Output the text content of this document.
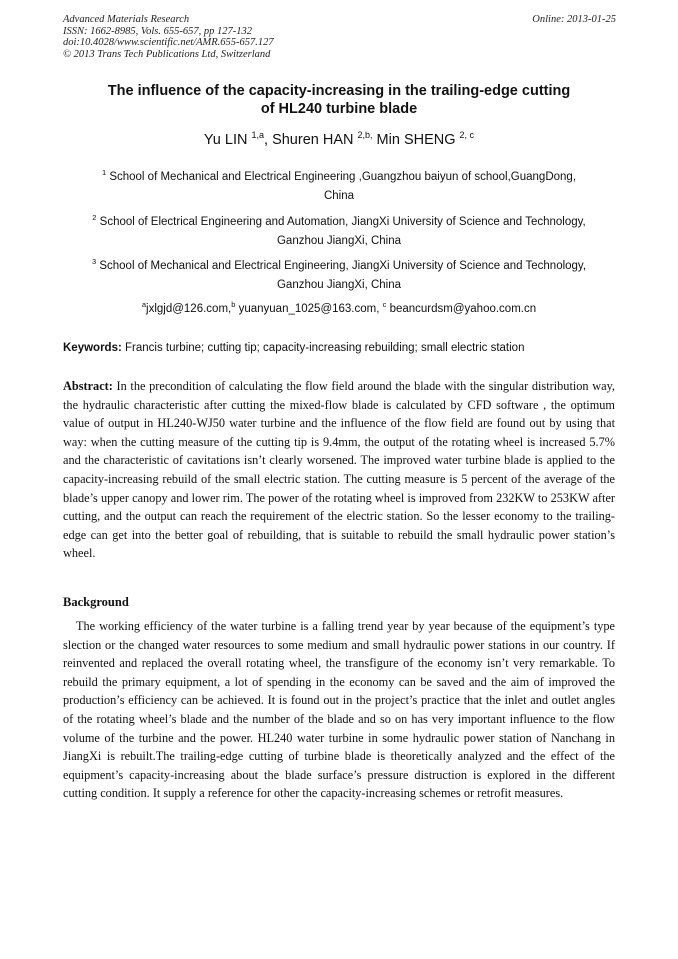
Advanced Materials Research
ISSN: 1662-8985, Vols. 655-657, pp 127-132
doi:10.4028/www.scientific.net/AMR.655-657.127
© 2013 Trans Tech Publications Ltd, Switzerland
Online: 2013-01-25
The influence of the capacity-increasing in the trailing-edge cutting
of HL240 turbine blade
Yu LIN $^{1,a}$, Shuren HAN $^{2,b,}$ Min SHENG $^{2, c}$
$^1$ School of Mechanical and Electrical Engineering ,Guangzhou baiyun of school,GuangDong,
China
$^2$ School of Electrical Engineering and Automation, JiangXi University of Science and Technology,
Ganzhou JiangXi, China
$^3$ School of Mechanical and Electrical Engineering, JiangXi University of Science and Technology,
Ganzhou JiangXi, China
$^a$jxlgjd@126.com,$^b$ yuanyuan_1025@163.com, $^c$ beancurdsm@yahoo.com.cn
Keywords: Francis turbine; cutting tip; capacity-increasing rebuilding; small electric station
Abstract: In the precondition of calculating the flow field around the blade with the singular distribution way, the hydraulic characteristic after cutting the mixed-flow blade is calculated by CFD software , the optimum value of output in HL240-WJ50 water turbine and the influence of the flow field are found out by using that way: when the cutting measure of the cutting tip is 9.4mm, the output of the rotating wheel is increased 5.7% and the characteristic of cavitations isn’t clearly worsened. The improved water turbine blade is applied to the capacity-increasing rebuild of the small electric station. The cutting measure is 5 percent of the average of the blade’s upper canopy and lower rim. The power of the rotating wheel is improved from 232KW to 253KW after cutting, and the output can reach the requirement of the electric station. So the lesser economy to the trailing-edge can get into the better goal of rebuilding, that is suitable to rebuild the small hydraulic power station’s wheel.
Background
The working efficiency of the water turbine is a falling trend year by year because of the equipment’s type slection or the changed water resources to some medium and small hydraulic power stations in our country. If reinvented and replaced the overall rotating wheel, the transfigure of the economy isn’t very remarkable. To rebuild the primary equipment, a lot of spending in the economy can be saved and the aim of improved the production’s efficiency can be achieved. It is found out in the project’s practice that the inlet and outlet angles of the rotating wheel’s blade and the number of the blade and so on has very important influence to the flow volume of the turbine and the power. HL240 water turbine in some hydraulic power station of Nanchang in JiangXi is rebuilt.The trailing-edge cutting of turbine blade is theoretically analyzed and the effect of the equipment’s capacity-increasing about the blade surface’s pressure distruction is explored in the different cutting condition. It supply a reference for other the capacity-increasing schemes or retrofit measures.
